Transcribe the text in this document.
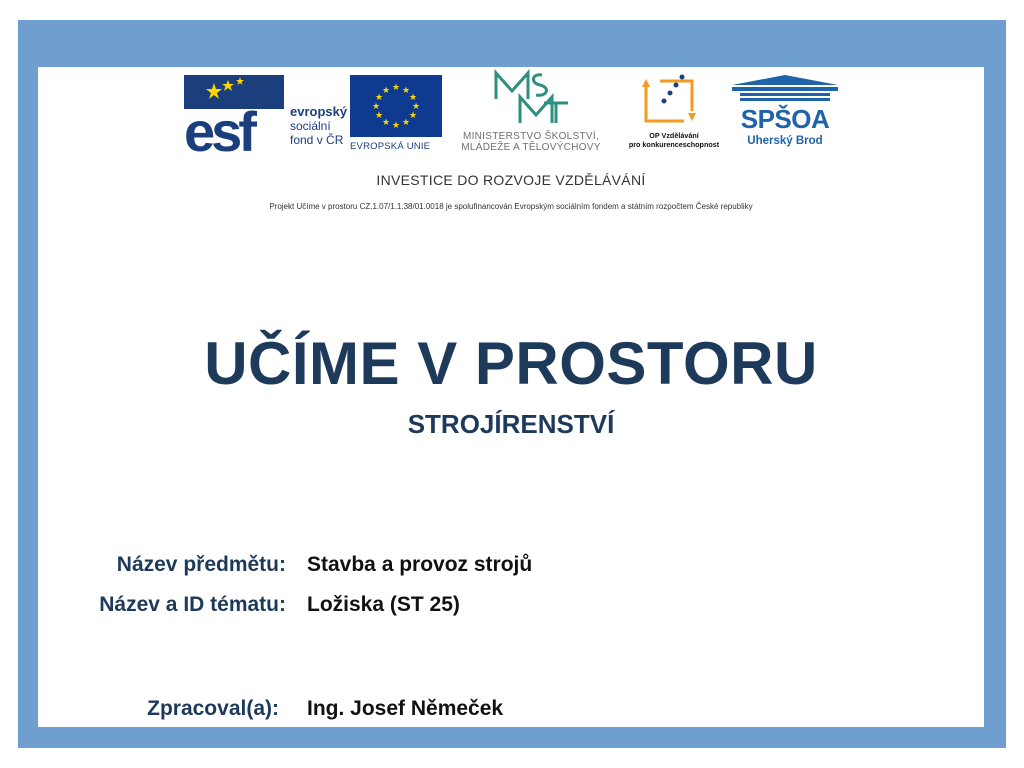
esf	evropský
sociální
fond v ČR
★ ★
★
★
★
★
★
★
★
★
★
★
EVROPSKÁ UNIE
MINISTERSTVO ŠKOLSTVÍ,
MLÁDEŽE A TĚLOVÝCHOVY
OP Vzdělávání
pro konkurenceschopnost
SPŠOA
Uherský Brod
INVESTICE DO ROZVOJE VZDĚLÁVÁNÍ
Projekt Učíme v prostoru CZ.1.07/1.1.38/01.0018 je spolufinancován Evropským sociálním fondem a státním rozpočtem České republiky
UČÍME V PROSTORU
STROJÍRENSTVÍ
Název předmětu: Stavba a provoz strojů
Název a ID tématu: Ložiska (ST 25)
Zpracoval(a): Ing. Josef Němeček
